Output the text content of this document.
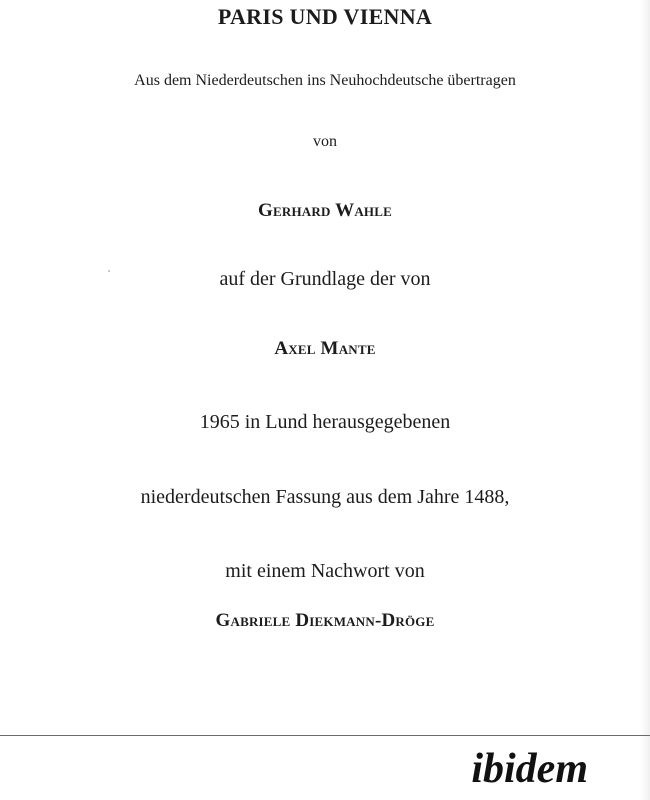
PARIS UND VIENNA
Aus dem Niederdeutschen ins Neuhochdeutsche übertragen
von
Gerhard Wahle
auf der Grundlage der von
Axel Mante
1965 in Lund herausgegebenen
niederdeutschen Fassung aus dem Jahre 1488,
mit einem Nachwort von
Gabriele Diekmann-Dröge
ibidem
